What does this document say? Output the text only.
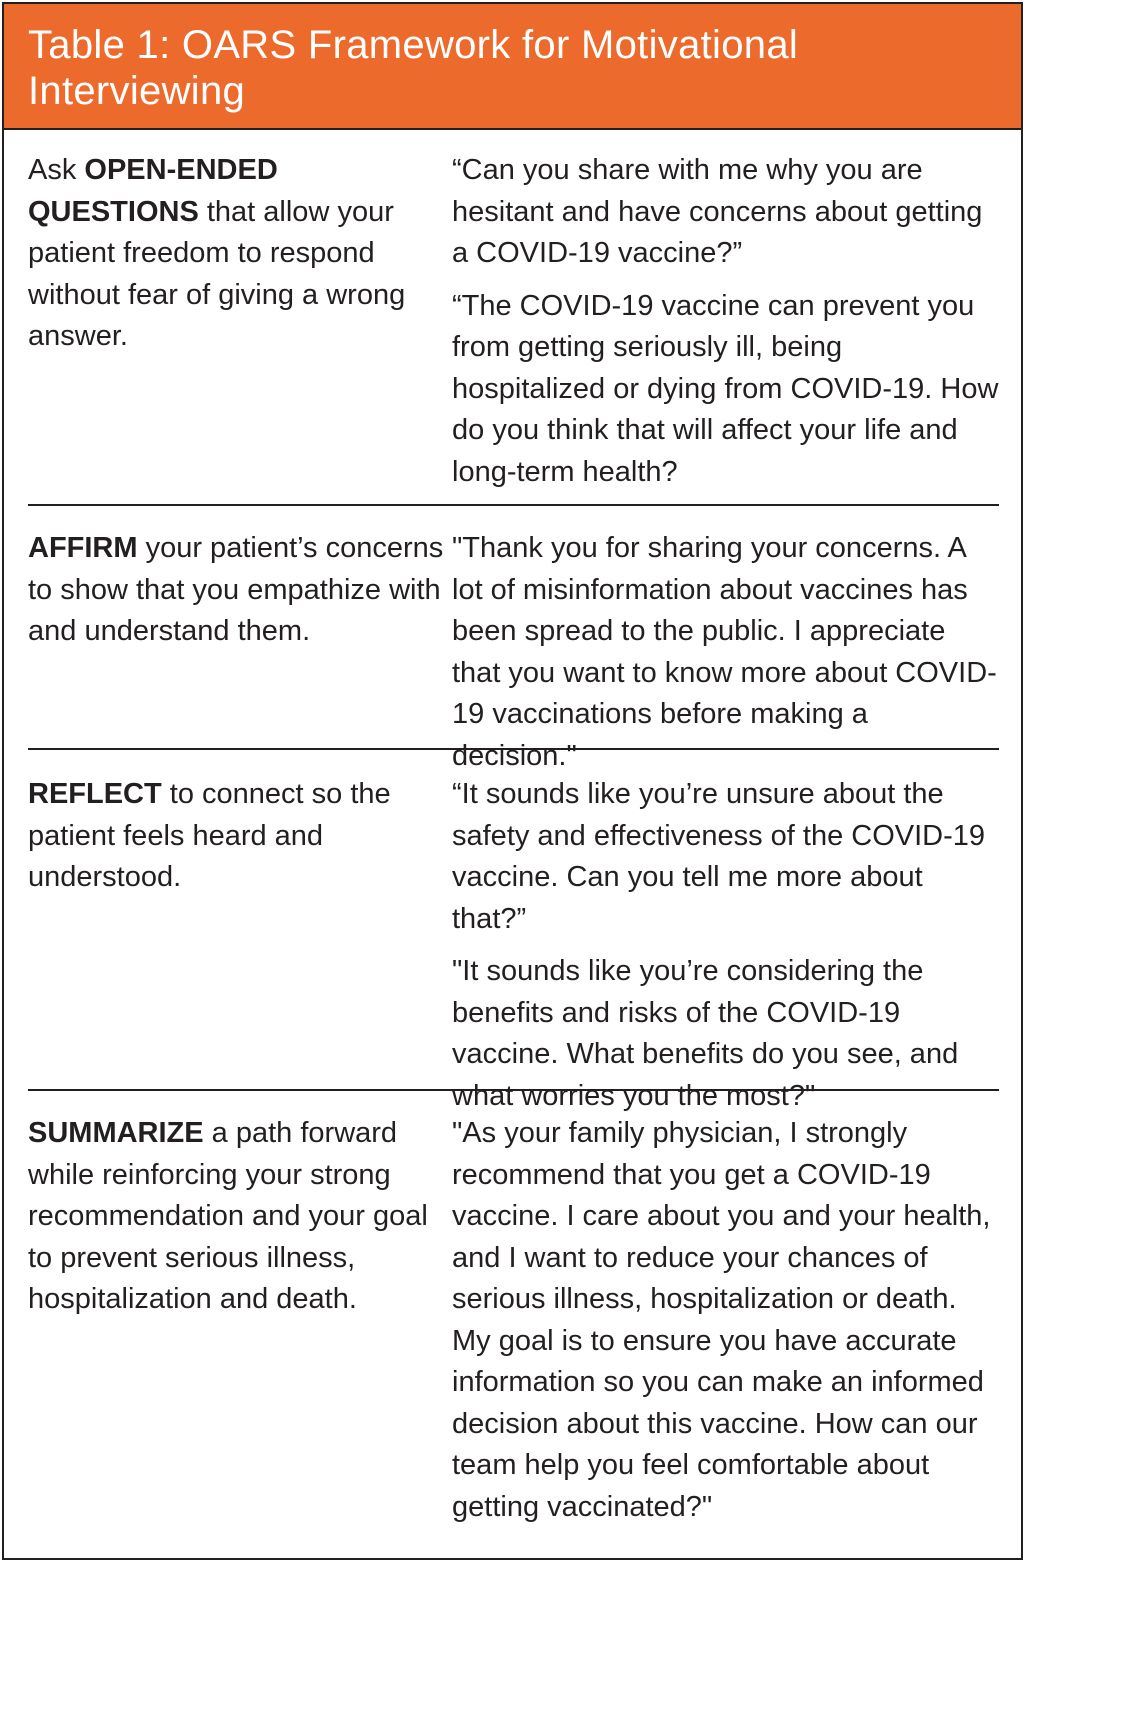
Table 1: OARS Framework for Motivational Interviewing
Ask OPEN-ENDED QUESTIONS that allow your patient freedom to respond without fear of giving a wrong answer.

“Can you share with me why you are hesitant and have concerns about getting a COVID-19 vaccine?”

“The COVID-19 vaccine can prevent you from getting seriously ill, being hospitalized or dying from COVID-19. How do you think that will affect your life and long-term health?

AFFIRM your patient’s concerns to show that you empathize with and understand them.

"Thank you for sharing your concerns. A lot of misinformation about vaccines has been spread to the public. I appreciate that you want to know more about COVID-19 vaccinations before making a decision."

REFLECT to connect so the patient feels heard and understood.

“It sounds like you’re unsure about the safety and effectiveness of the COVID-19 vaccine. Can you tell me more about that?”

"It sounds like you’re considering the benefits and risks of the COVID-19 vaccine. What benefits do you see, and what worries you the most?"

SUMMARIZE a path forward while reinforcing your strong recommendation and your goal to prevent serious illness, hospitalization and death.

"As your family physician, I strongly recommend that you get a COVID-19 vaccine. I care about you and your health, and I want to reduce your chances of serious illness, hospitalization or death. My goal is to ensure you have accurate information so you can make an informed decision about this vaccine. How can our team help you feel comfortable about getting vaccinated?"
